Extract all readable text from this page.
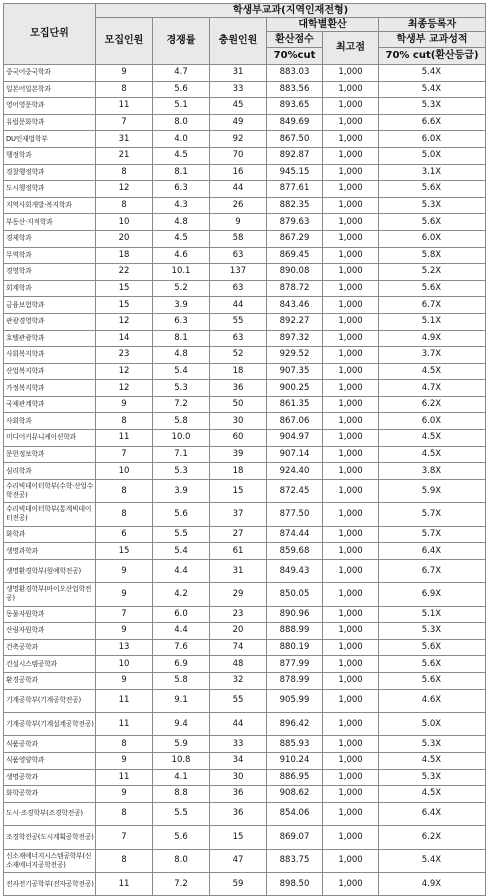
모집단위	학생부교과(지역인재전형)					
	모집인원	경쟁률	충원인원	대학별환산		최종등록자
				환산점수	최고점	학생부 교과성적
				70%cut		70% cut(환산등급)
중국어중국학과	9	4.7	31	883.03	1,000	5.4X
일본어일본학과	8	5.6	33	883.56	1,000	5.4X
영어영문학과	11	5.1	45	893.65	1,000	5.3X
유럽문화학과	7	8.0	49	849.69	1,000	6.6X
DU인재법학부	31	4.0	92	867.50	1,000	6.0X
행정학과	21	4.5	70	892.87	1,000	5.0X
경찰행정학과	8	8.1	16	945.15	1,000	3.1X
도시행정학과	12	6.3	44	877.61	1,000	5.6X
지역사회개발·복지학과	8	4.3	26	882.35	1,000	5.3X
부동산·지적학과	10	4.8	9	879.63	1,000	5.6X
경제학과	20	4.5	58	867.29	1,000	6.0X
무역학과	18	4.6	63	869.45	1,000	5.8X
경영학과	22	10.1	137	890.08	1,000	5.2X
회계학과	15	5.2	63	878.72	1,000	5.6X
금융보험학과	15	3.9	44	843.46	1,000	6.7X
관광경영학과	12	6.3	55	892.27	1,000	5.1X
호텔관광학과	14	8.1	63	897.32	1,000	4.9X
사회복지학과	23	4.8	52	929.52	1,000	3.7X
산업복지학과	12	5.4	18	907.35	1,000	4.5X
가정복지학과	12	5.3	36	900.25	1,000	4.7X
국제관계학과	9	7.2	50	861.35	1,000	6.2X
사회학과	8	5.8	30	867.06	1,000	6.0X
미디어커뮤니케이션학과	11	10.0	60	904.97	1,000	4.5X
문헌정보학과	7	7.1	39	907.14	1,000	4.5X
심리학과	10	5.3	18	924.40	1,000	3.8X
수리빅데이터학부(수학·산업수학전공)	8	3.9	15	872.45	1,000	5.9X
수리빅데이터학부(통계빅데이터전공)	8	5.6	37	877.50	1,000	5.7X
화학과	6	5.5	27	874.44	1,000	5.7X
생명과학과	15	5.4	61	859.68	1,000	6.4X
생명환경학부(원예학전공)	9	4.4	31	849.43	1,000	6.7X
생명환경학부(바이오산업학전공)	9	4.2	29	850.05	1,000	6.9X
동물자원학과	7	6.0	23	890.96	1,000	5.1X
산림자원학과	9	4.4	20	888.99	1,000	5.3X
건축공학과	13	7.6	74	880.19	1,000	5.6X
건설시스템공학과	10	6.9	48	877.99	1,000	5.6X
환경공학과	9	5.8	32	878.99	1,000	5.6X
기계공학부(기계공학전공)	11	9.1	55	905.99	1,000	4.6X
기계공학부(기계설계공학전공)	11	9.4	44	896.42	1,000	5.0X
식품공학과	8	5.9	33	885.93	1,000	5.3X
식품영양학과	9	10.8	34	910.24	1,000	4.5X
생명공학과	11	4.1	30	886.95	1,000	5.3X
화학공학과	9	8.8	36	908.62	1,000	4.5X
도시·조경학부(조경학전공)	8	5.5	36	854.06	1,000	6.4X
조경학전공(도시계획공학전공)	7	5.6	15	869.07	1,000	6.2X
신소재에너지시스템공학부(신소재에너지공학전공)	8	8.0	47	883.75	1,000	5.4X
전자전기공학부(전자공학전공)	11	7.2	59	898.50	1,000	4.9X
